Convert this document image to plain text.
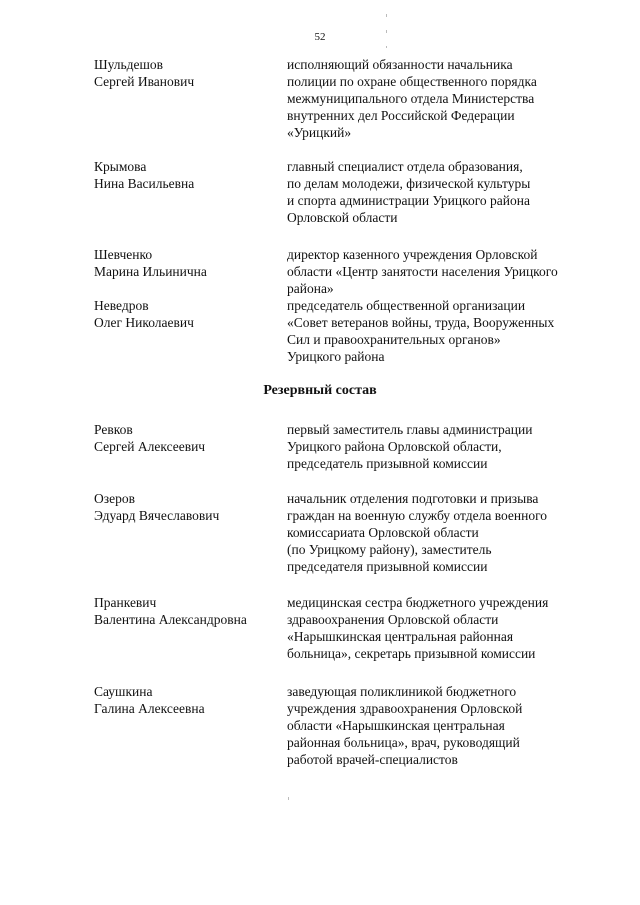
52
Шульдешов
Сергей Иванович
исполняющий обязанности начальника
полиции по охране общественного порядка
межмуниципального отдела Министерства
внутренних дел Российской Федерации
«Урицкий»
Крымова
Нина Васильевна
главный специалист отдела образования,
по делам молодежи, физической культуры
и спорта администрации Урицкого района
Орловской области
Шевченко
Марина Ильинична
директор казенного учреждения Орловской
области «Центр занятости населения Урицкого
района»
Неведров
Олег Николаевич
председатель общественной организации
«Совет ветеранов войны, труда, Вооруженных
Сил и правоохранительных органов»
Урицкого района
Резервный состав
Ревков
Сергей Алексеевич
первый заместитель главы администрации
Урицкого района Орловской области,
председатель призывной комиссии
Озеров
Эдуард Вячеславович
начальник отделения подготовки и призыва
граждан на военную службу отдела военного
комиссариата Орловской области
(по Урицкому району), заместитель
председателя призывной комиссии
Пранкевич
Валентина Александровна
медицинская сестра бюджетного учреждения
здравоохранения Орловской области
«Нарышкинская центральная районная
больница», секретарь призывной комиссии
Саушкина
Галина Алексеевна
заведующая поликлиникой бюджетного
учреждения здравоохранения Орловской
области «Нарышкинская центральная
районная больница», врач, руководящий
работой врачей-специалистов
